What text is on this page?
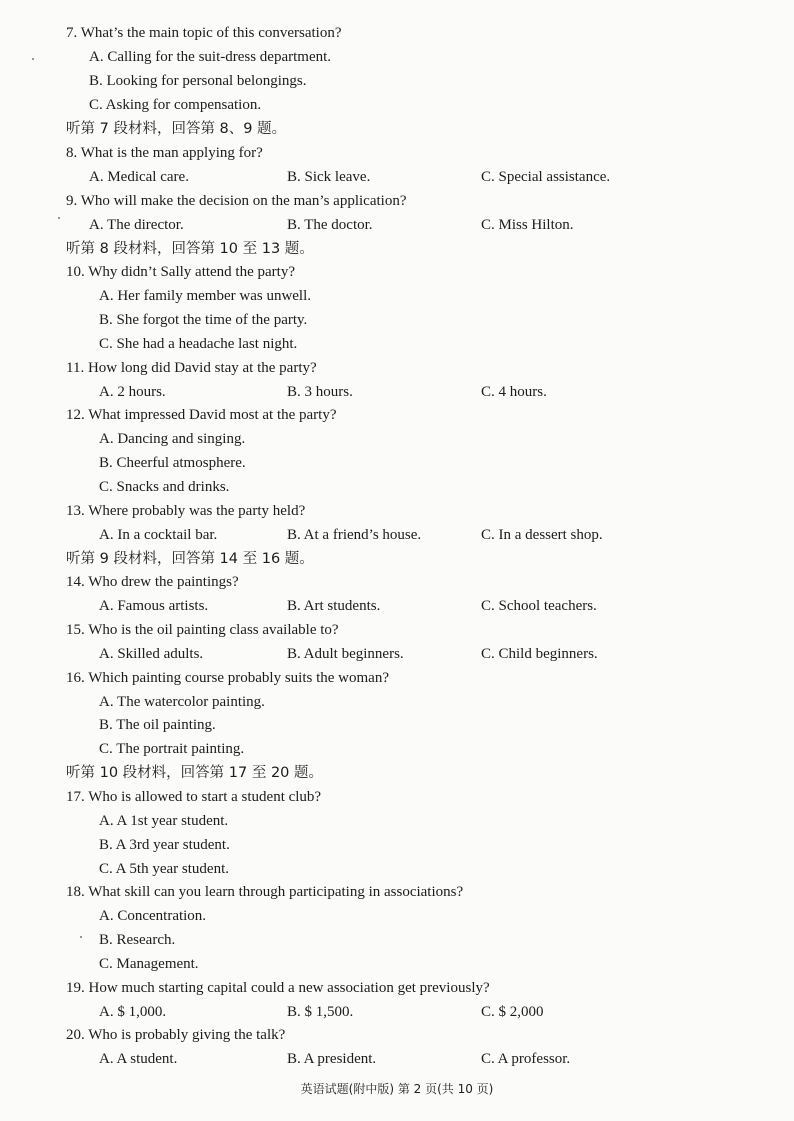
7. What’s the main topic of this conversation?
A. Calling for the suit-dress department.
B. Looking for personal belongings.
C. Asking for compensation.
听第 7 段材料，回答第 8、9 题。
8. What is the man applying for?
A. Medical care.	B. Sick leave.	C. Special assistance.
9. Who will make the decision on the man’s application?
A. The director.	B. The doctor.	C. Miss Hilton.
听第 8 段材料，回答第 10 至 13 题。
10. Why didn’t Sally attend the party?
A. Her family member was unwell.
B. She forgot the time of the party.
C. She had a headache last night.
11. How long did David stay at the party?
A. 2 hours.	B. 3 hours.	C. 4 hours.
12. What impressed David most at the party?
A. Dancing and singing.
B. Cheerful atmosphere.
C. Snacks and drinks.
13. Where probably was the party held?
A. In a cocktail bar.	B. At a friend’s house.	C. In a dessert shop.
听第 9 段材料，回答第 14 至 16 题。
14. Who drew the paintings?
A. Famous artists.	B. Art students.	C. School teachers.
15. Who is the oil painting class available to?
A. Skilled adults.	B. Adult beginners.	C. Child beginners.
16. Which painting course probably suits the woman?
A. The watercolor painting.
B. The oil painting.
C. The portrait painting.
听第 10 段材料，回答第 17 至 20 题。
17. Who is allowed to start a student club?
A. A 1st year student.
B. A 3rd year student.
C. A 5th year student.
18. What skill can you learn through participating in associations?
A. Concentration.
B. Research.
C. Management.
19. How much starting capital could a new association get previously?
A. $ 1,000.	B. $ 1,500.	C. $ 2,000
20. Who is probably giving the talk?
A. A student.	B. A president.	C. A professor.
英语试题(附中版) 第 2 页(共 10 页)
